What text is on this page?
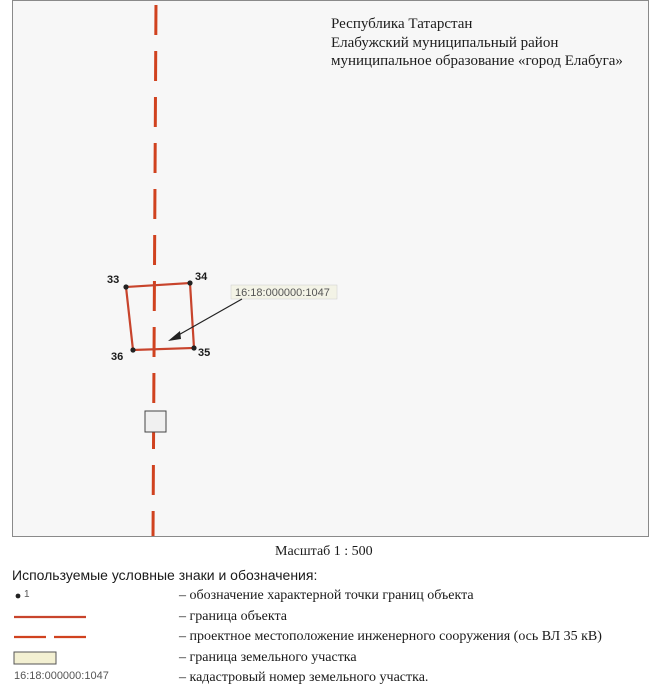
33	34
35
36
16:18:000000:1047
Республика Татарстан
Елабужский муниципальный район
муниципальное образование «город Елабуга»
Масштаб 1 : 500
Используемые условные знаки и обозначения:
1	– обозначение характерной точки границ объекта
– граница объекта
– проектное местоположение инженерного сооружения (ось ВЛ 35 кВ)
– граница земельного участка
16:18:000000:1047	– кадастровый номер земельного участка.
